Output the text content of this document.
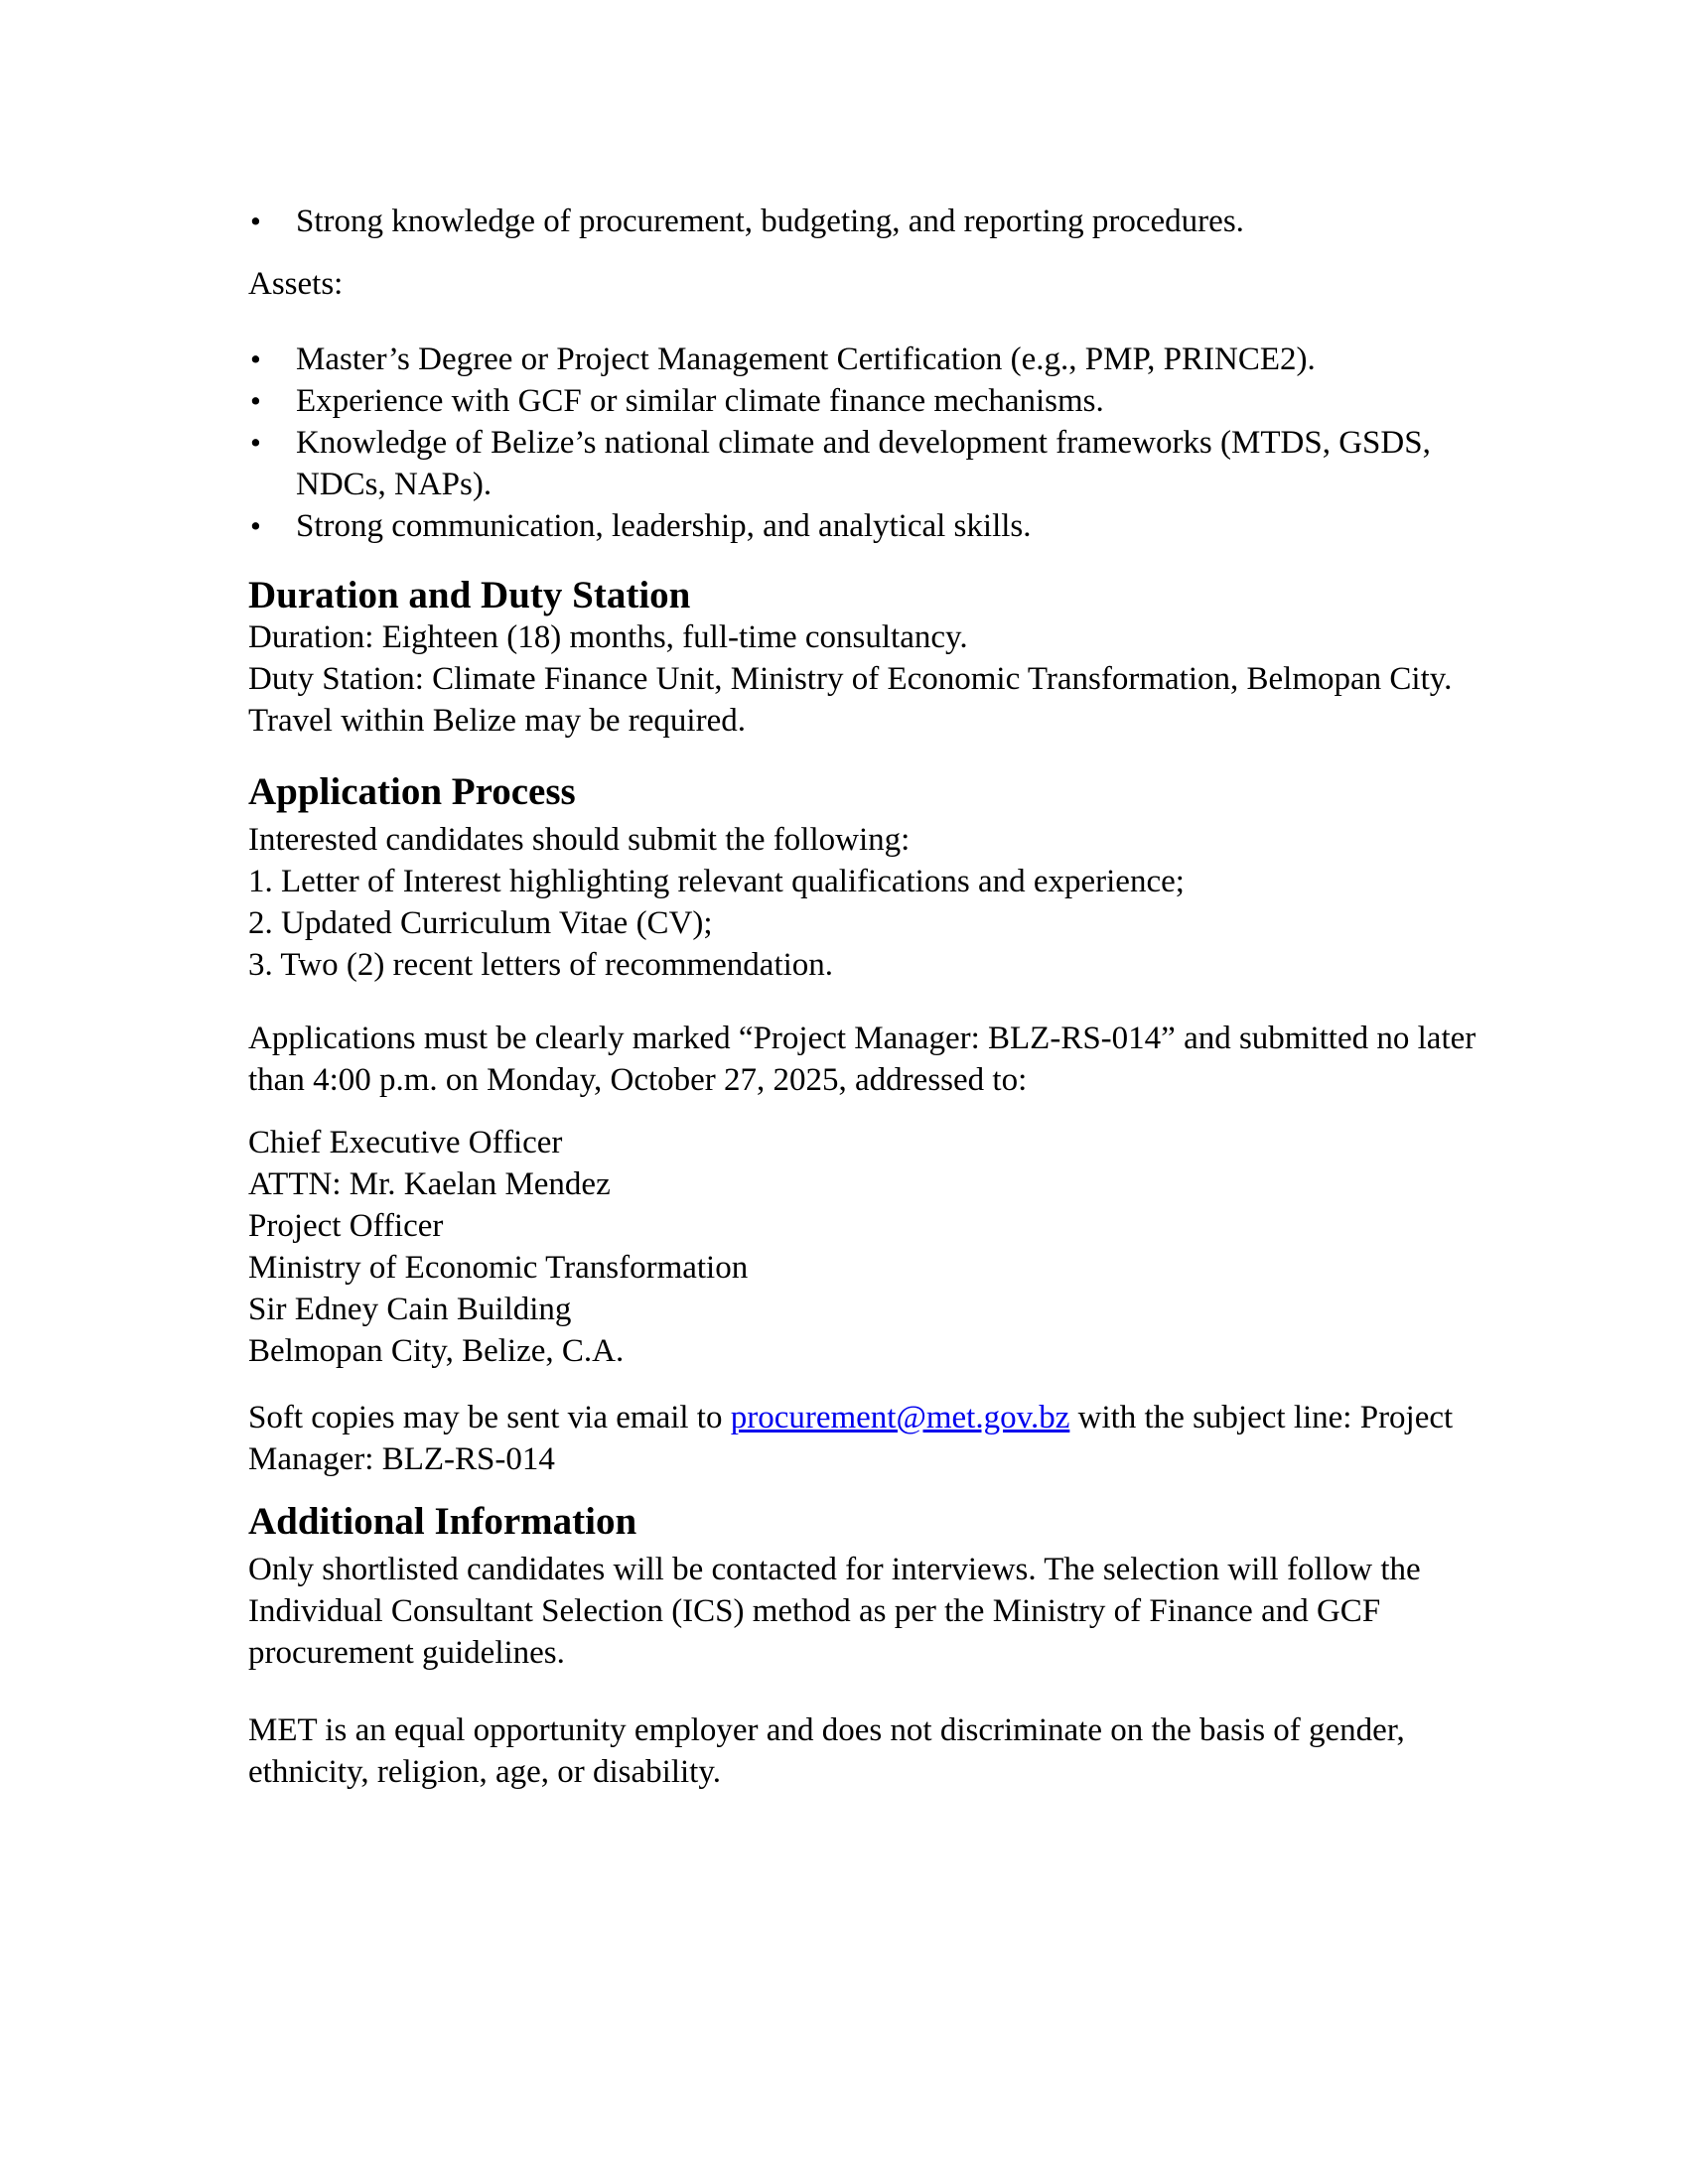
• Strong knowledge of procurement, budgeting, and reporting procedures.
Assets:
• Master’s Degree or Project Management Certification (e.g., PMP, PRINCE2).
• Experience with GCF or similar climate finance mechanisms.
• Knowledge of Belize’s national climate and development frameworks (MTDS, GSDS,
NDCs, NAPs).
• Strong communication, leadership, and analytical skills.
Duration and Duty Station
Duration: Eighteen (18) months, full-time consultancy.
Duty Station: Climate Finance Unit, Ministry of Economic Transformation, Belmopan City.
Travel within Belize may be required.
Application Process
Interested candidates should submit the following:
1. Letter of Interest highlighting relevant qualifications and experience;
2. Updated Curriculum Vitae (CV);
3. Two (2) recent letters of recommendation.
Applications must be clearly marked “Project Manager: BLZ-RS-014” and submitted no later
than 4:00 p.m. on Monday, October 27, 2025, addressed to:
Chief Executive Officer
ATTN: Mr. Kaelan Mendez
Project Officer
Ministry of Economic Transformation
Sir Edney Cain Building
Belmopan City, Belize, C.A.
Soft copies may be sent via email to procurement@met.gov.bz with the subject line: Project
Manager: BLZ-RS-014
Additional Information
Only shortlisted candidates will be contacted for interviews. The selection will follow the
Individual Consultant Selection (ICS) method as per the Ministry of Finance and GCF
procurement guidelines.
MET is an equal opportunity employer and does not discriminate on the basis of gender,
ethnicity, religion, age, or disability.
